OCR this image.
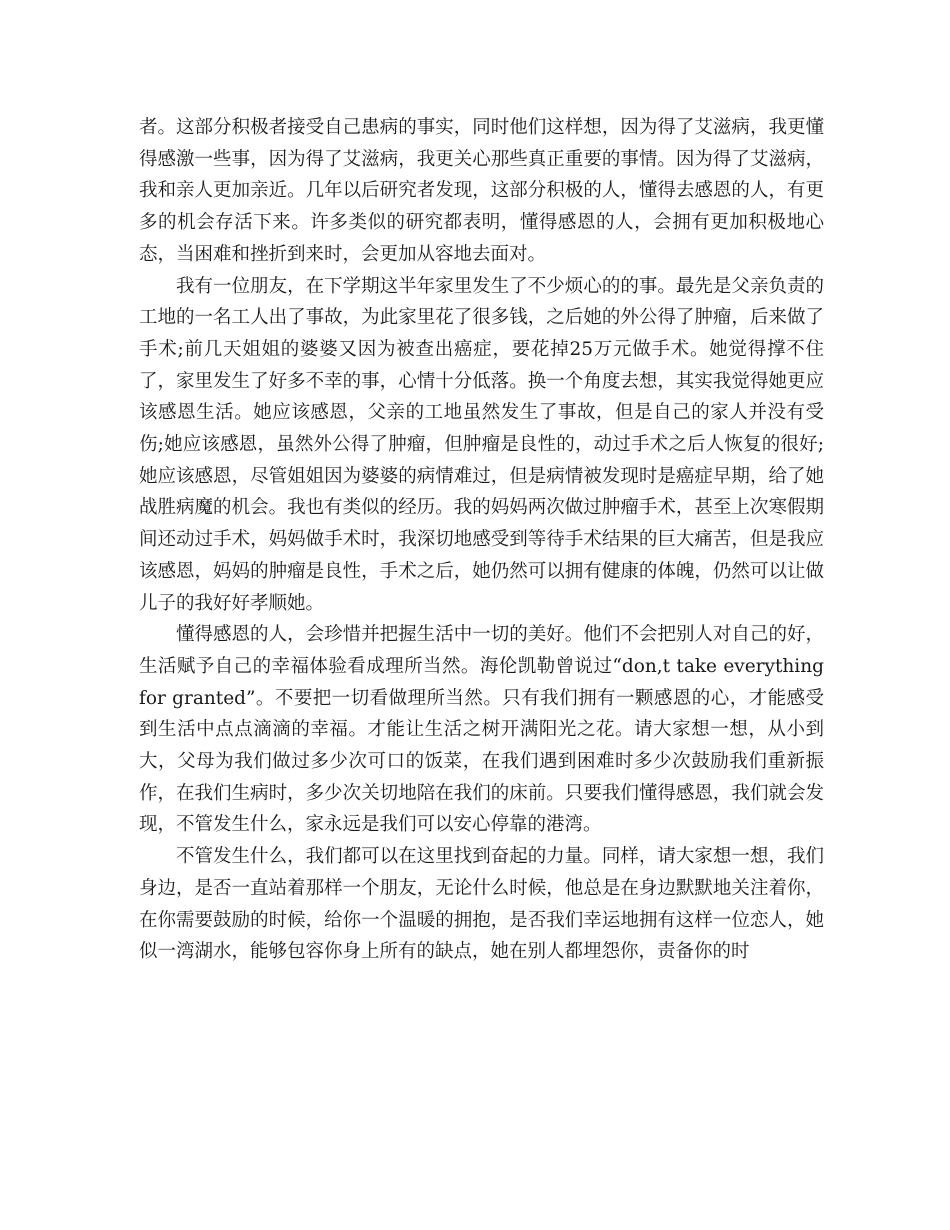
者。这部分积极者接受自己患病的事实，同时他们这样想，因为得了艾滋病，我更懂得感激一些事，因为得了艾滋病，我更关心那些真正重要的事情。因为得了艾滋病，我和亲人更加亲近。几年以后研究者发现，这部分积极的人，懂得去感恩的人，有更多的机会存活下来。许多类似的研究都表明，懂得感恩的人，会拥有更加积极地心态，当困难和挫折到来时，会更加从容地去面对。

我有一位朋友，在下学期这半年家里发生了不少烦心的的事。最先是父亲负责的工地的一名工人出了事故，为此家里花了很多钱，之后她的外公得了肿瘤，后来做了手术;前几天姐姐的婆婆又因为被查出癌症，要花掉25万元做手术。她觉得撑不住了，家里发生了好多不幸的事，心情十分低落。换一个角度去想，其实我觉得她更应该感恩生活。她应该感恩，父亲的工地虽然发生了事故，但是自己的家人并没有受伤;她应该感恩，虽然外公得了肿瘤，但肿瘤是良性的，动过手术之后人恢复的很好;她应该感恩，尽管姐姐因为婆婆的病情难过，但是病情被发现时是癌症早期，给了她战胜病魔的机会。我也有类似的经历。我的妈妈两次做过肿瘤手术，甚至上次寒假期间还动过手术，妈妈做手术时，我深切地感受到等待手术结果的巨大痛苦，但是我应该感恩，妈妈的肿瘤是良性，手术之后，她仍然可以拥有健康的体魄，仍然可以让做儿子的我好好孝顺她。

懂得感恩的人，会珍惜并把握生活中一切的美好。他们不会把别人对自己的好，生活赋予自己的幸福体验看成理所当然。海伦凯勒曾说过“don,t take everything for granted”。不要把一切看做理所当然。只有我们拥有一颗感恩的心，才能感受到生活中点点滴滴的幸福。才能让生活之树开满阳光之花。请大家想一想，从小到大，父母为我们做过多少次可口的饭菜，在我们遇到困难时多少次鼓励我们重新振作，在我们生病时，多少次关切地陪在我们的床前。只要我们懂得感恩，我们就会发现，不管发生什么，家永远是我们可以安心停靠的港湾。

不管发生什么，我们都可以在这里找到奋起的力量。同样，请大家想一想，我们身边，是否一直站着那样一个朋友，无论什么时候，他总是在身边默默地关注着你，在你需要鼓励的时候，给你一个温暖的拥抱，是否我们幸运地拥有这样一位恋人，她似一湾湖水，能够包容你身上所有的缺点，她在别人都埋怨你，责备你的时
